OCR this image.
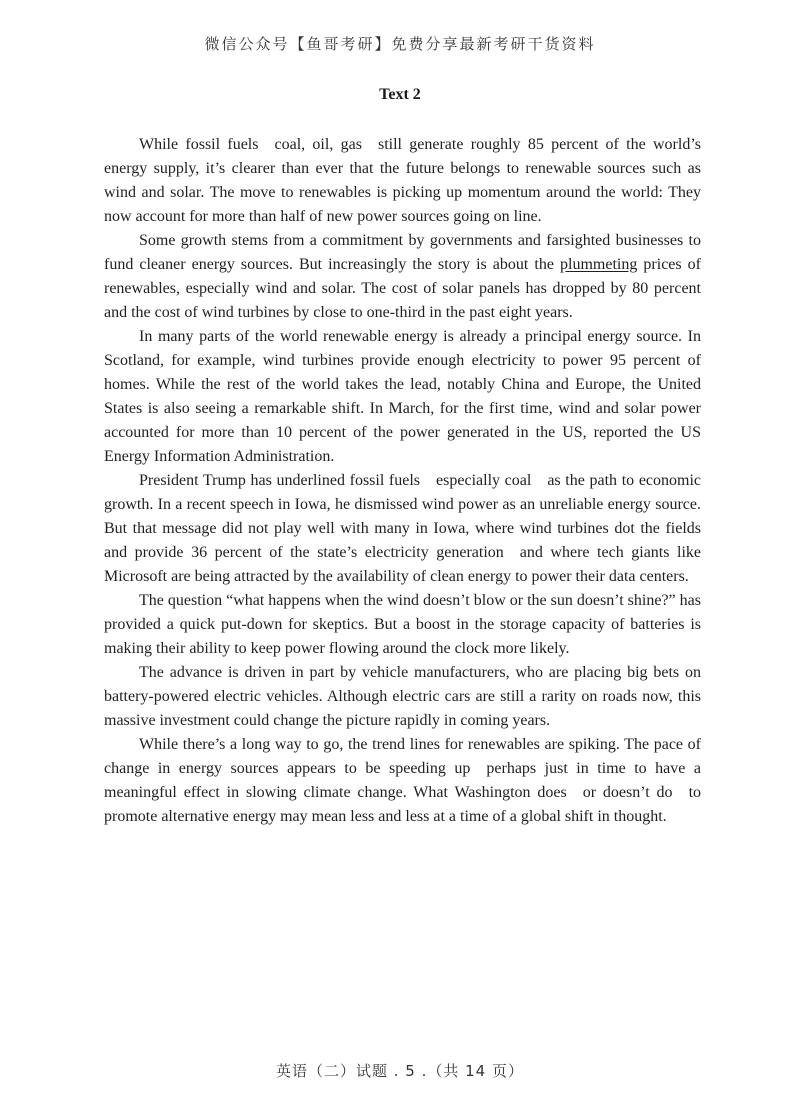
微信公众号【鱼哥考研】免费分享最新考研干货资料
Text 2

While fossil fuels coal, oil, gas still generate roughly 85 percent of the world’s energy supply, it’s clearer than ever that the future belongs to renewable sources such as wind and solar. The move to renewables is picking up momentum around the world: They now account for more than half of new power sources going on line.

Some growth stems from a commitment by governments and farsighted businesses to fund cleaner energy sources. But increasingly the story is about the plummeting prices of renewables, especially wind and solar. The cost of solar panels has dropped by 80 percent and the cost of wind turbines by close to one-third in the past eight years.

In many parts of the world renewable energy is already a principal energy source. In Scotland, for example, wind turbines provide enough electricity to power 95 percent of homes. While the rest of the world takes the lead, notably China and Europe, the United States is also seeing a remarkable shift. In March, for the first time, wind and solar power accounted for more than 10 percent of the power generated in the US, reported the US Energy Information Administration.

President Trump has underlined fossil fuels especially coal as the path to economic growth. In a recent speech in Iowa, he dismissed wind power as an unreliable energy source. But that message did not play well with many in Iowa, where wind turbines dot the fields and provide 36 percent of the state’s electricity generation and where tech giants like Microsoft are being attracted by the availability of clean energy to power their data centers.

The question “what happens when the wind doesn’t blow or the sun doesn’t shine?” has provided a quick put-down for skeptics. But a boost in the storage capacity of batteries is making their ability to keep power flowing around the clock more likely.

The advance is driven in part by vehicle manufacturers, who are placing big bets on battery-powered electric vehicles. Although electric cars are still a rarity on roads now, this massive investment could change the picture rapidly in coming years.

While there’s a long way to go, the trend lines for renewables are spiking. The pace of change in energy sources appears to be speeding up perhaps just in time to have a meaningful effect in slowing climate change. What Washington does or doesn’t do to promote alternative energy may mean less and less at a time of a global shift in thought.

英语（二）试题 . 5 .（共 14 页）
